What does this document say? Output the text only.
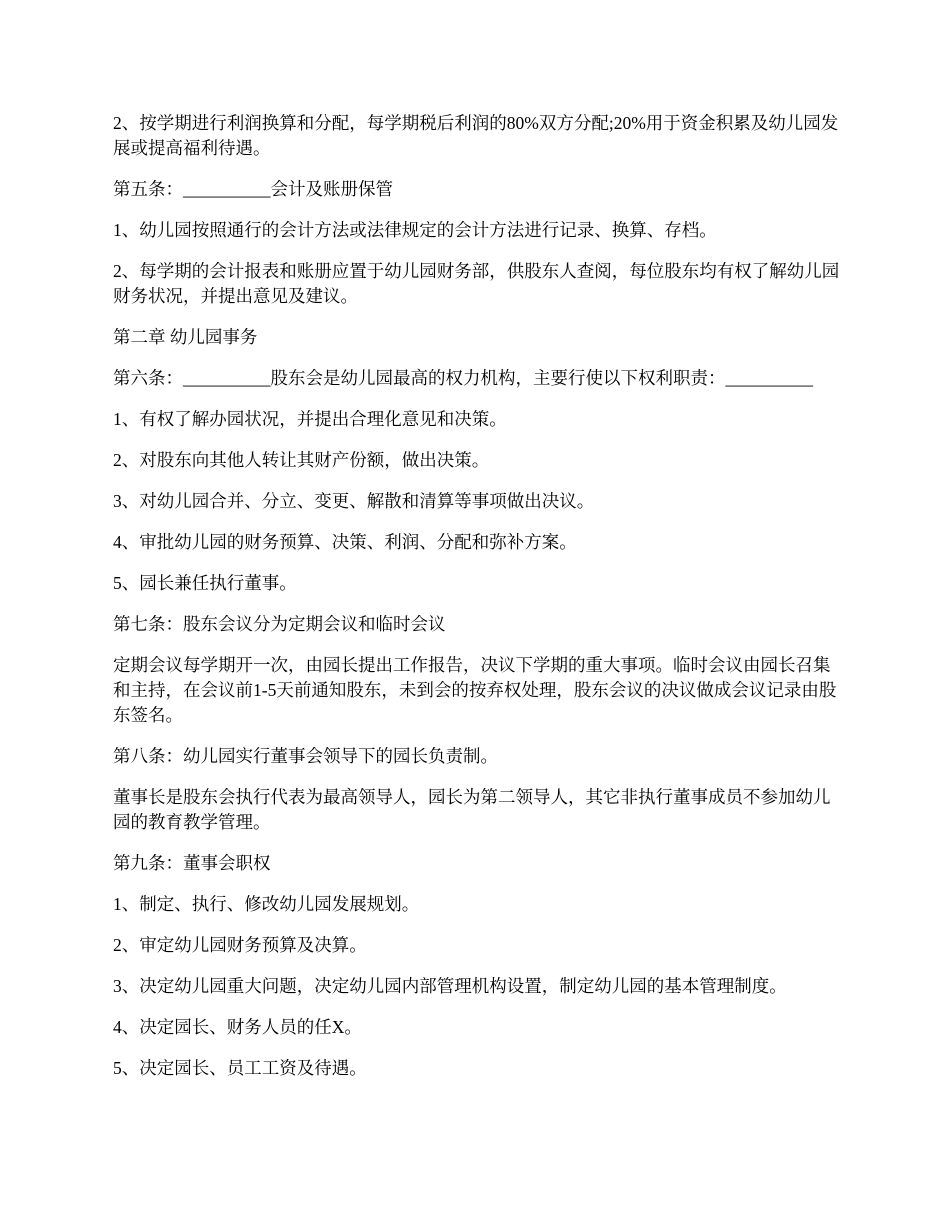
2、按学期进行利润换算和分配，每学期税后利润的80%双方分配;20%用于资金积累及幼儿园发展或提高福利待遇。

第五条：__________会计及账册保管

1、幼儿园按照通行的会计方法或法律规定的会计方法进行记录、换算、存档。

2、每学期的会计报表和账册应置于幼儿园财务部，供股东人查阅，每位股东均有权了解幼儿园财务状况，并提出意见及建议。

第二章 幼儿园事务

第六条：__________股东会是幼儿园最高的权力机构，主要行使以下权利职责：__________

1、有权了解办园状况，并提出合理化意见和决策。

2、对股东向其他人转让其财产份额，做出决策。

3、对幼儿园合并、分立、变更、解散和清算等事项做出决议。

4、审批幼儿园的财务预算、决策、利润、分配和弥补方案。

5、园长兼任执行董事。

第七条：股东会议分为定期会议和临时会议

定期会议每学期开一次，由园长提出工作报告，决议下学期的重大事项。临时会议由园长召集和主持，在会议前1-5天前通知股东，未到会的按弃权处理，股东会议的决议做成会议记录由股东签名。

第八条：幼儿园实行董事会领导下的园长负责制。

董事长是股东会执行代表为最高领导人，园长为第二领导人，其它非执行董事成员不参加幼儿园的教育教学管理。

第九条：董事会职权

1、制定、执行、修改幼儿园发展规划。

2、审定幼儿园财务预算及决算。

3、决定幼儿园重大问题，决定幼儿园内部管理机构设置，制定幼儿园的基本管理制度。

4、决定园长、财务人员的任X。

5、决定园长、员工工资及待遇。
